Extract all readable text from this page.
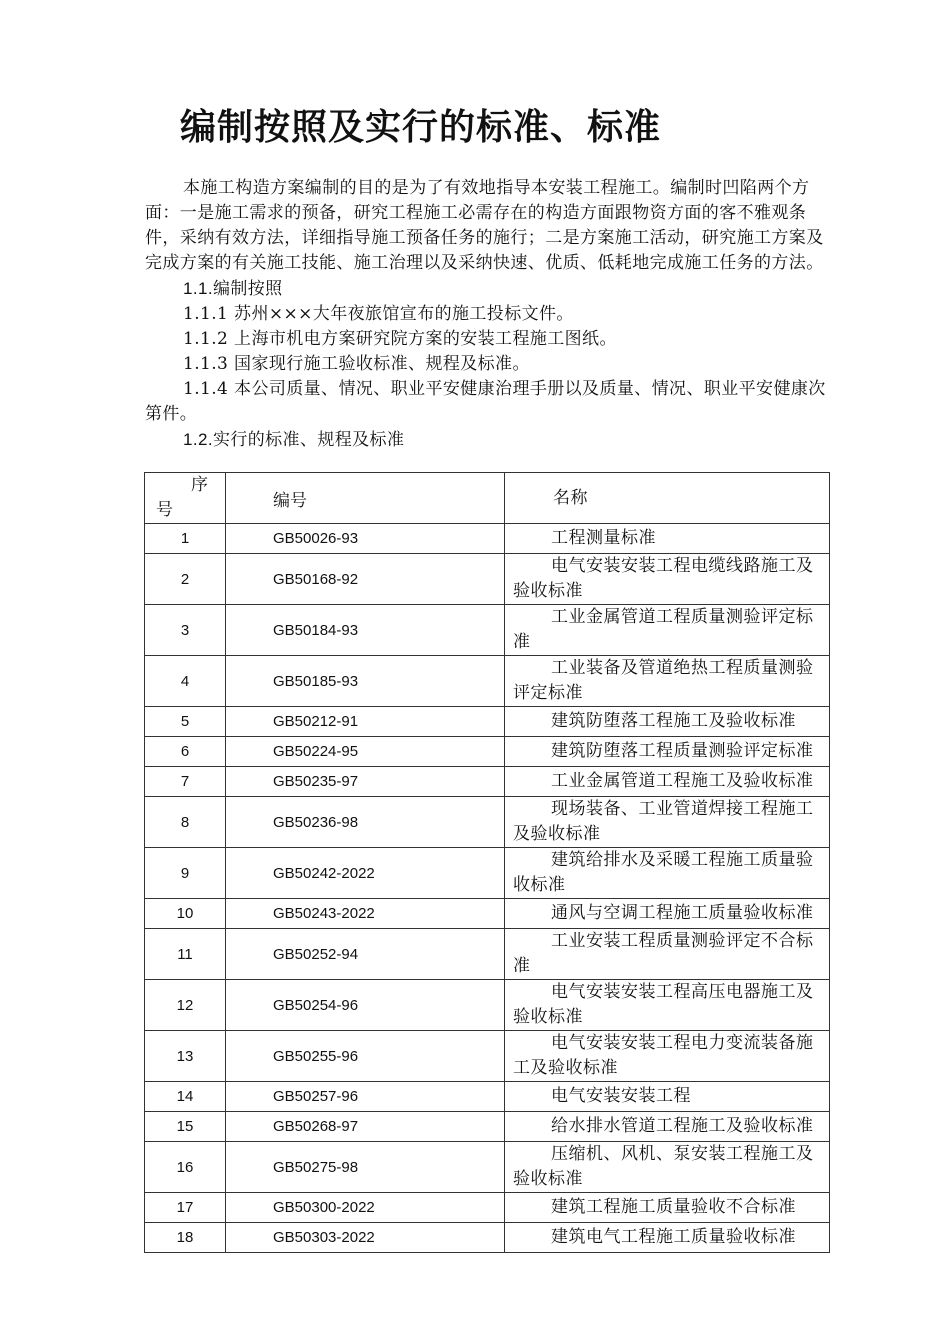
编制按照及实行的标准、标准

本施工构造方案编制的目的是为了有效地指导本安装工程施工。编制时凹陷两个方面：一是施工需求的预备，研究工程施工必需存在的构造方面跟物资方面的客不雅观条件，采纳有效方法，详细指导施工预备任务的施行；二是方案施工活动，研究施工方案及完成方案的有关施工技能、施工治理以及采纳快速、优质、低耗地完成施工任务的方法。

1.1.编制按照

1.1.1 苏州×××大年夜旅馆宣布的施工投标文件。

1.1.2 上海市机电方案研究院方案的安装工程施工图纸。

1.1.3 国家现行施工验收标准、规程及标准。

1.1.4 本公司质量、情况、职业平安健康治理手册以及质量、情况、职业平安健康次第件。

1.2.实行的标准、规程及标准

序
号	编号	名称
1	GB50026-93	工程测量标准

2	GB50168-92	电气安装安装工程电缆线路施工及验收标准

3	GB50184-93	工业金属管道工程质量测验评定标准

4	GB50185-93	工业装备及管道绝热工程质量测验评定标准

5	GB50212-91	建筑防堕落工程施工及验收标准

6	GB50224-95	建筑防堕落工程质量测验评定标准

7	GB50235-97	工业金属管道工程施工及验收标准

8	GB50236-98	现场装备、工业管道焊接工程施工及验收标准

9	GB50242-2022	建筑给排水及采暖工程施工质量验收标准

10	GB50243-2022	通风与空调工程施工质量验收标准

11	GB50252-94	工业安装工程质量测验评定不合标准

12	GB50254-96	电气安装安装工程高压电器施工及验收标准

13	GB50255-96	电气安装安装工程电力变流装备施工及验收标准

14	GB50257-96	电气安装安装工程

15	GB50268-97	给水排水管道工程施工及验收标准

16	GB50275-98	压缩机、风机、泵安装工程施工及验收标准

17	GB50300-2022	建筑工程施工质量验收不合标准

18	GB50303-2022	建筑电气工程施工质量验收标准
